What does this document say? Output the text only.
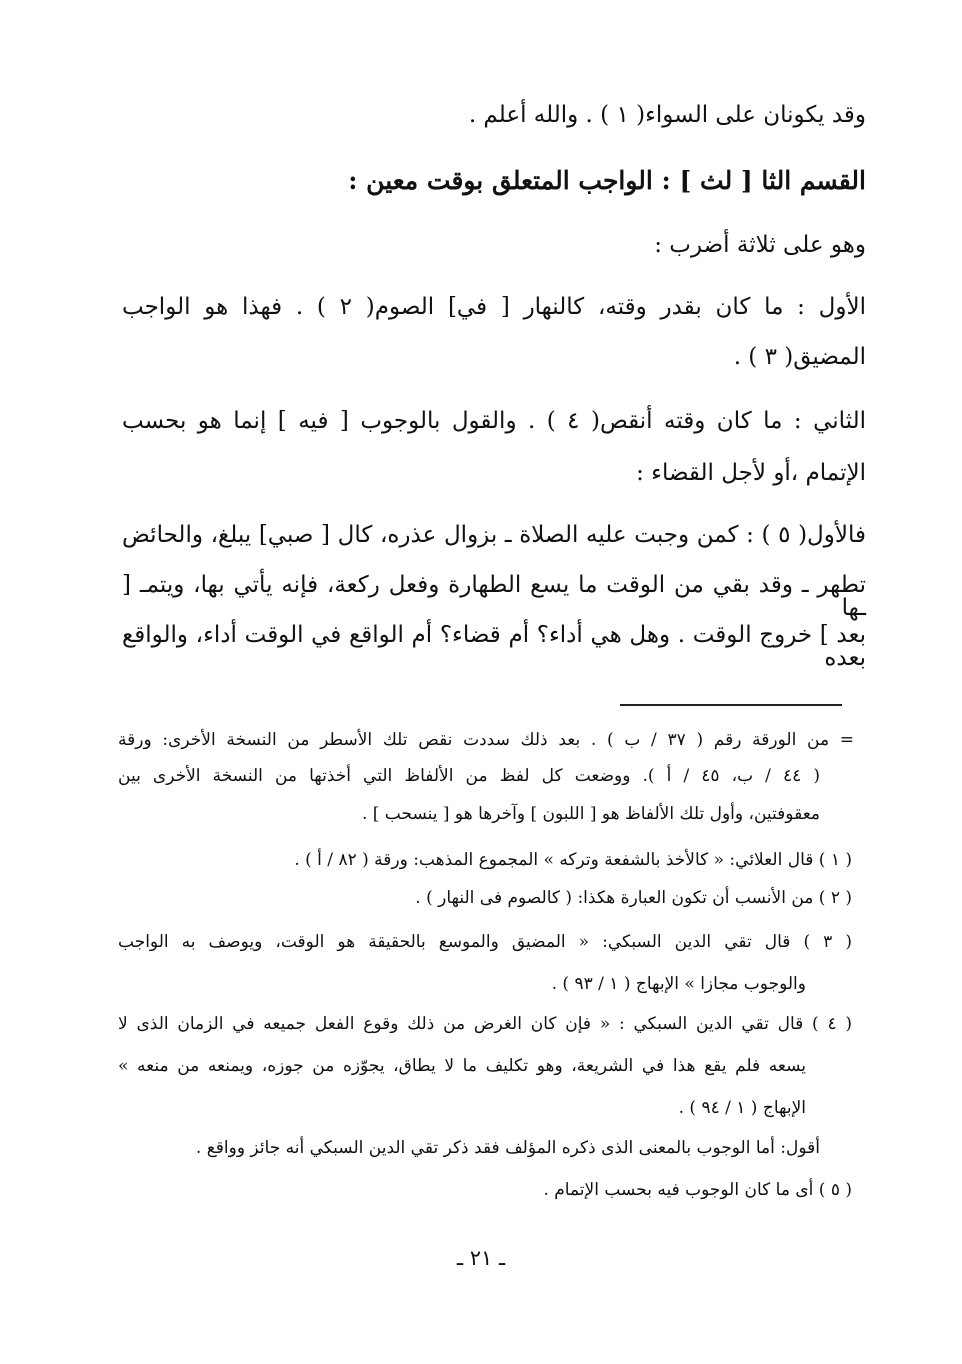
وقد يكونان على السواء( ١ ) . والله أعلم .
القسم الثا [ لث ] : الواجب المتعلق بوقت معين :
وهو على ثلاثة أضرب :
الأول : ما كان بقدر وقته، كالنهار [ في] الصوم( ٢ ) . فهذا هو الواجب
المضيق( ٣ ) .
الثاني : ما كان وقته أنقص( ٤ ) . والقول بالوجوب [ فيه ] إنما هو بحسب
الإتمام ،أو لأجل القضاء :
فالأول( ٥ ) : كمن وجبت عليه الصلاة ـ بزوال عذره، كال [ صبي] يبلغ، والحائض
تطهر ـ وقد بقي من الوقت ما يسع الطهارة وفعل ركعة، فإنه يأتي بها، ويتمـ [ ـها
بعد ] خروج الوقت . وهل هي أداء؟ أم قضاء؟ أم الواقع في الوقت أداء، والواقع بعده
= من الورقة رقم ( ٣٧ / ب ) . بعد ذلك سددت نقص تلك الأسطر من النسخة الأخرى: ورقة
( ٤٤ / ب، ٤٥ / أ ). ووضعت كل لفظ من الألفاظ التي أخذتها من النسخة الأخرى بين
معقوفتين، وأول تلك الألفاظ هو [ اللبون ] وآخرها هو [ ينسحب ] .
( ١ ) قال العلائي: « كالأخذ بالشفعة وتركه » المجموع المذهب: ورقة ( ٨٢ / أ ) .
( ٢ ) من الأنسب أن تكون العبارة هكذا: ( كالصوم فى النهار ) .
( ٣ ) قال تقي الدين السبكي: « المضيق والموسع بالحقيقة هو الوقت، ويوصف به الواجب
والوجوب مجازا » الإبهاج ( ١ / ٩٣ ) .
( ٤ ) قال تقي الدين السبكي : « فإن كان الغرض من ذلك وقوع الفعل جميعه في الزمان الذى لا
يسعه فلم يقع هذا في الشريعة، وهو تكليف ما لا يطاق، يجوّزه من جوزه، ويمنعه من منعه »
الإبهاج ( ١ / ٩٤ ) .
أقول: أما الوجوب بالمعنى الذى ذكره المؤلف فقد ذكر تقي الدين السبكي أنه جائز وواقع .
( ٥ ) أى ما كان الوجوب فيه بحسب الإتمام .
ـ ٢١ ـ
